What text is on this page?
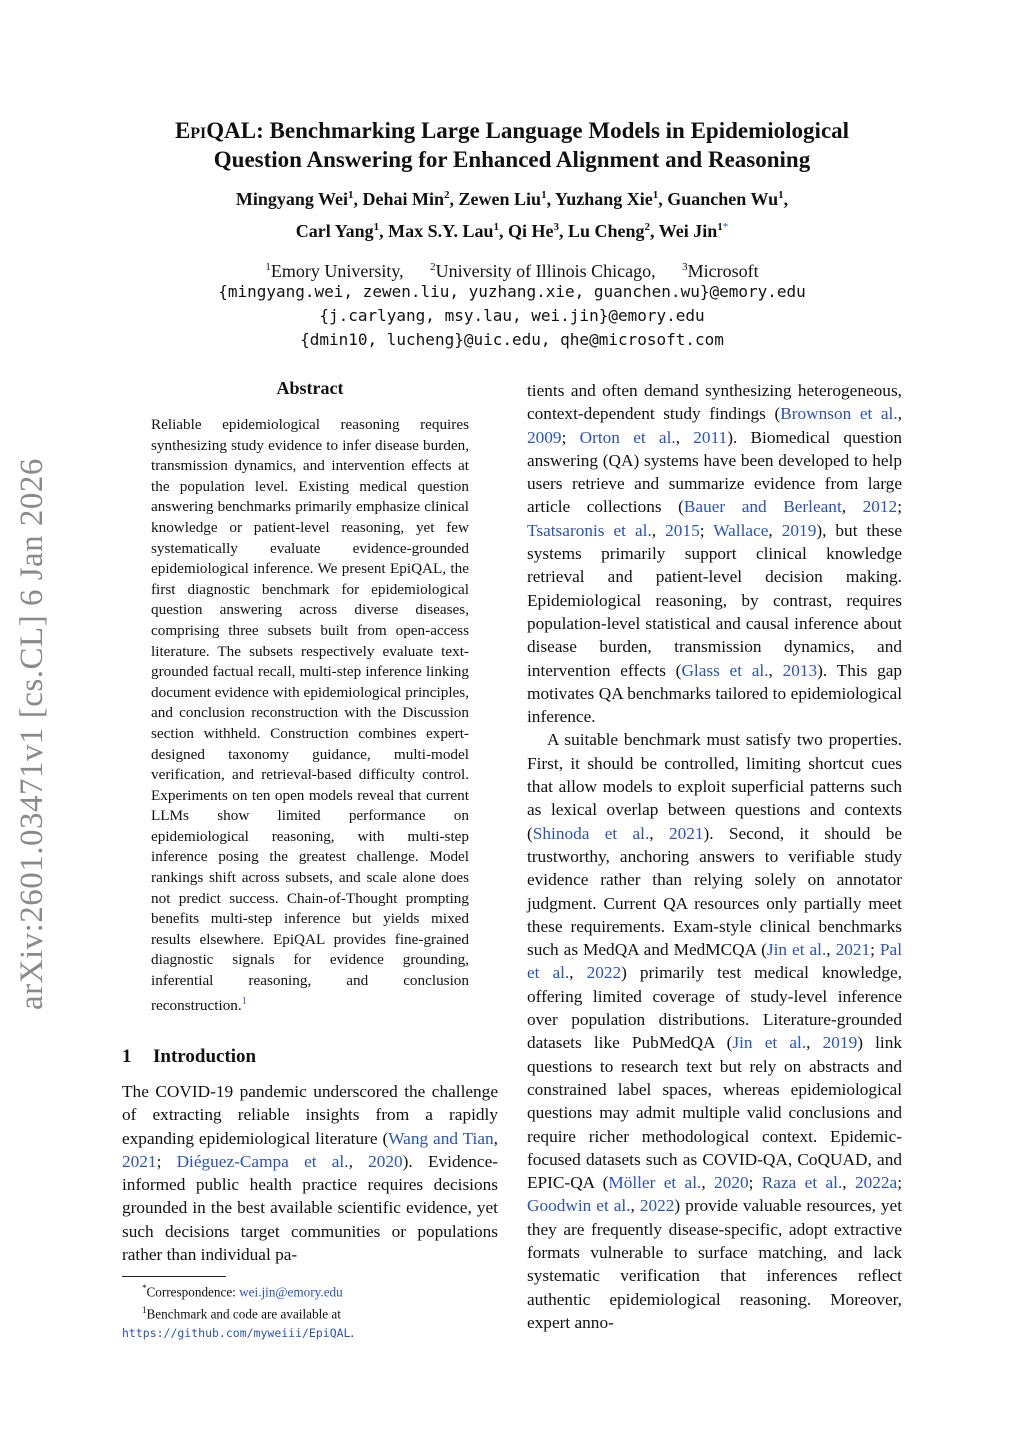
arXiv:2601.03471v1 [cs.CL] 6 Jan 2026
EpiQAL: Benchmarking Large Language Models in Epidemiological
Question Answering for Enhanced Alignment and Reasoning
Mingyang Wei$^1$, Dehai Min$^2$, Zewen Liu$^1$, Yuzhang Xie$^1$, Guanchen Wu$^1$,
Carl Yang$^1$, Max S.Y. Lau$^1$, Qi He$^3$, Lu Cheng$^2$, Wei Jin$^{1*}$
$^1$Emory University, $^2$University of Illinois Chicago, $^3$Microsoft
{mingyang.wei, zewen.liu, yuzhang.xie, guanchen.wu}@emory.edu
{j.carlyang, msy.lau, wei.jin}@emory.edu
{dmin10, lucheng}@uic.edu, qhe@microsoft.com
Abstract
Reliable epidemiological reasoning requires synthesizing study evidence to infer disease burden, transmission dynamics, and intervention effects at the population level. Existing medical question answering benchmarks primarily emphasize clinical knowledge or patient-level reasoning, yet few systematically evaluate evidence-grounded epidemiological inference. We present EpiQAL, the first diagnostic benchmark for epidemiological question answering across diverse diseases, comprising three subsets built from open-access literature. The subsets respectively evaluate text-grounded factual recall, multi-step inference linking document evidence with epidemiological principles, and conclusion reconstruction with the Discussion section withheld. Construction combines expert-designed taxonomy guidance, multi-model verification, and retrieval-based difficulty control. Experiments on ten open models reveal that current LLMs show limited performance on epidemiological reasoning, with multi-step inference posing the greatest challenge. Model rankings shift across subsets, and scale alone does not predict success. Chain-of-Thought prompting benefits multi-step inference but yields mixed results elsewhere. EpiQAL provides fine-grained diagnostic signals for evidence grounding, inferential reasoning, and conclusion reconstruction.$^1$
1 Introduction
The COVID-19 pandemic underscored the challenge of extracting reliable insights from a rapidly expanding epidemiological literature (Wang and Tian, 2021; Diéguez-Campa et al., 2020). Evidence-informed public health practice requires decisions grounded in the best available scientific evidence, yet such decisions target communities or populations rather than individual pa-

tients and often demand synthesizing heterogeneous, context-dependent study findings (Brownson et al., 2009; Orton et al., 2011). Biomedical question answering (QA) systems have been developed to help users retrieve and summarize evidence from large article collections (Bauer and Berleant, 2012; Tsatsaronis et al., 2015; Wallace, 2019), but these systems primarily support clinical knowledge retrieval and patient-level decision making. Epidemiological reasoning, by contrast, requires population-level statistical and causal inference about disease burden, transmission dynamics, and intervention effects (Glass et al., 2013). This gap motivates QA benchmarks tailored to epidemiological inference.

A suitable benchmark must satisfy two properties. First, it should be controlled, limiting shortcut cues that allow models to exploit superficial patterns such as lexical overlap between questions and contexts (Shinoda et al., 2021). Second, it should be trustworthy, anchoring answers to verifiable study evidence rather than relying solely on annotator judgment. Current QA resources only partially meet these requirements. Exam-style clinical benchmarks such as MedQA and MedMCQA (Jin et al., 2021; Pal et al., 2022) primarily test medical knowledge, offering limited coverage of study-level inference over population distributions. Literature-grounded datasets like PubMedQA (Jin et al., 2019) link questions to research text but rely on abstracts and constrained label spaces, whereas epidemiological questions may admit multiple valid conclusions and require richer methodological context. Epidemic-focused datasets such as COVID-QA, CoQUAD, and EPIC-QA (Möller et al., 2020; Raza et al., 2022a; Goodwin et al., 2022) provide valuable resources, yet they are frequently disease-specific, adopt extractive formats vulnerable to surface matching, and lack systematic verification that inferences reflect authentic epidemiological reasoning. Moreover, expert anno-

*Correspondence: wei.jin@emory.edu

$^1$Benchmark and code are available at https://github.com/myweiii/EpiQAL.
